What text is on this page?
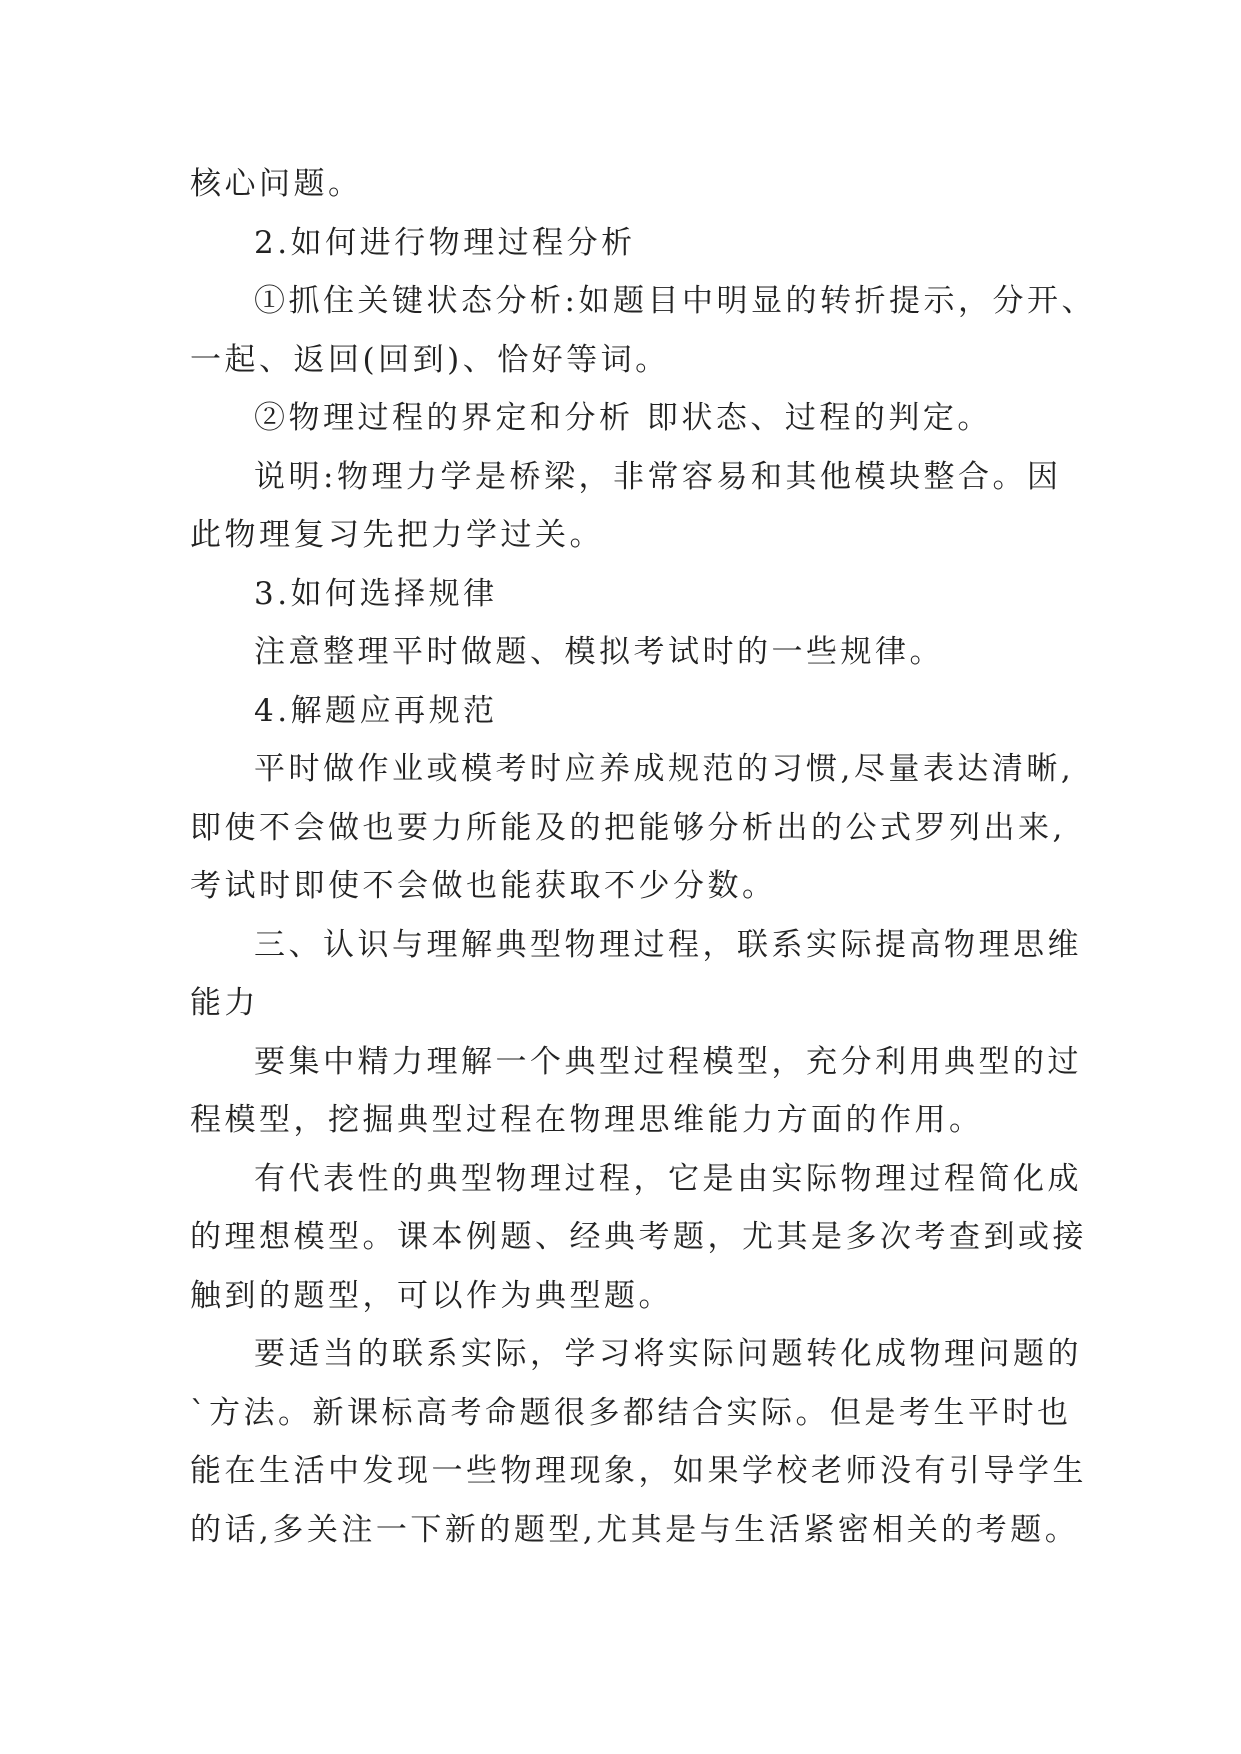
核心问题。

2.如何进行物理过程分析

①抓住关键状态分析:如题目中明显的转折提示，分开、

一起、返回(回到)、恰好等词。

②物理过程的界定和分析 即状态、过程的判定。

说明:物理力学是桥梁，非常容易和其他模块整合。因

此物理复习先把力学过关。

3.如何选择规律

注意整理平时做题、模拟考试时的一些规律。

4.解题应再规范

平时做作业或模考时应养成规范的习惯,尽量表达清晰,

即使不会做也要力所能及的把能够分析出的公式罗列出来,

考试时即使不会做也能获取不少分数。

三、认识与理解典型物理过程，联系实际提高物理思维

能力

要集中精力理解一个典型过程模型，充分利用典型的过

程模型，挖掘典型过程在物理思维能力方面的作用。

有代表性的典型物理过程，它是由实际物理过程简化成

的理想模型。课本例题、经典考题，尤其是多次考查到或接

触到的题型，可以作为典型题。

要适当的联系实际，学习将实际问题转化成物理问题的

`方法。新课标高考命题很多都结合实际。但是考生平时也

能在生活中发现一些物理现象，如果学校老师没有引导学生

的话,多关注一下新的题型,尤其是与生活紧密相关的考题。
